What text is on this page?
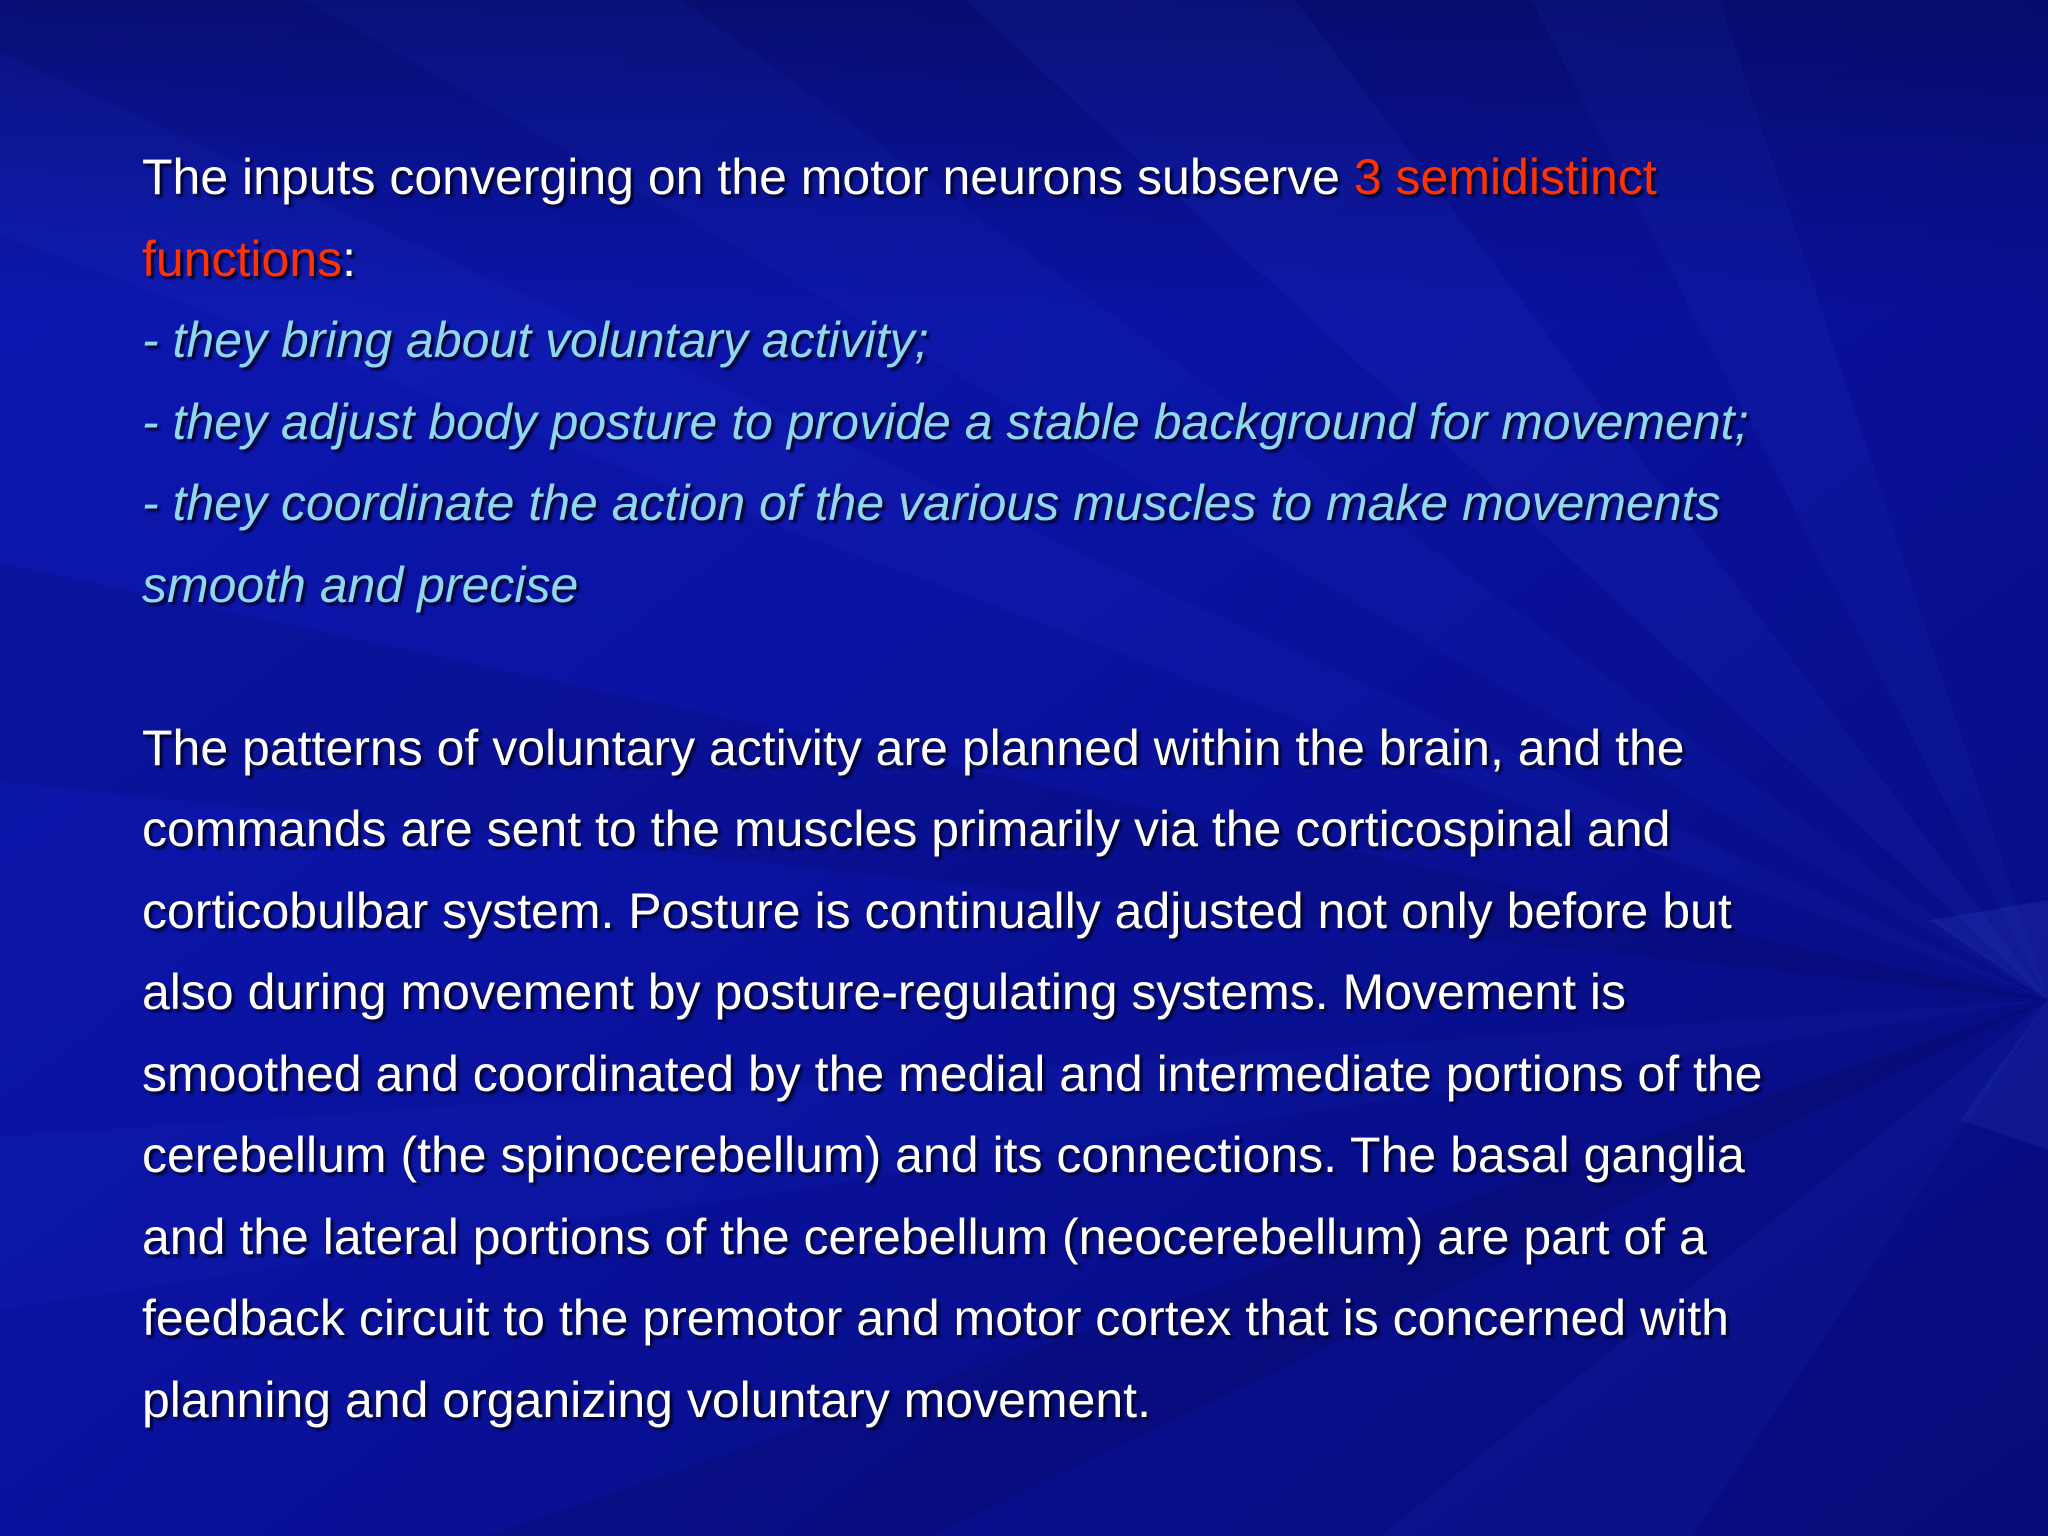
The inputs converging on the motor neurons subserve 3 semidistinct
functions:
- they bring about voluntary activity;
- they adjust body posture to provide a stable background for movement;
- they coordinate the action of the various muscles to make movements
smooth and precise
The patterns of voluntary activity are planned within the brain, and the
commands are sent to the muscles primarily via the corticospinal and
corticobulbar system. Posture is continually adjusted not only before but
also during movement by posture-regulating systems. Movement is
smoothed and coordinated by the medial and intermediate portions of the
cerebellum (the spinocerebellum) and its connections. The basal ganglia
and the lateral portions of the cerebellum (neocerebellum) are part of a
feedback circuit to the premotor and motor cortex that is concerned with
planning and organizing voluntary movement.
